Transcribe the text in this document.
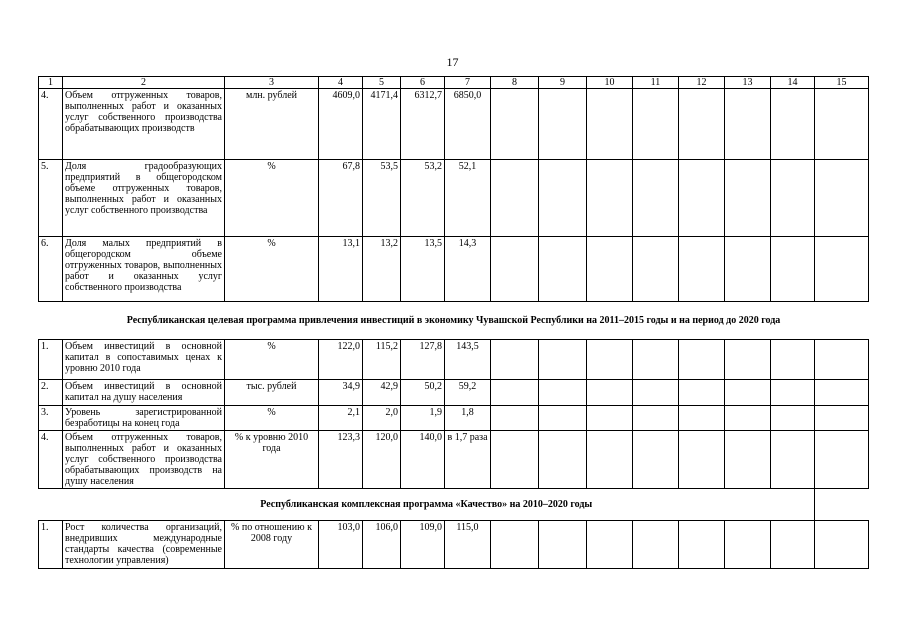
17
1	2	3	4	5	6	7	8	9	10	11	12	13	14	15
4.	Объем отгруженных товаров, выполненных работ и оказанных услуг собственного производства обрабатывающих производств	млн. рублей	4609,0	4171,4	6312,7	6850,0								
5.	Доля градообразующих предприятий в общегородском объеме отгруженных товаров, выполненных работ и оказанных услуг собственного производства	%	67,8	53,5	53,2	52,1								
6.	Доля малых предприятий в общегородском объеме отгруженных товаров, выполненных работ и оказанных услуг собственного производства	%	13,1	13,2	13,5	14,3								
Республиканская целевая программа привлечения инвестиций в экономику Чувашской Республики на 2011–2015 годы и на период до 2020 года														
1.	Объем инвестиций в основной капитал в сопоставимых ценах к уровню 2010 года	%	122,0	115,2	127,8	143,5								
2.	Объем инвестиций в основной капитал на душу населения	тыс. рублей	34,9	42,9	50,2	59,2								
3.	Уровень зарегистрированной безработицы на конец года	%	2,1	2,0	1,9	1,8								
4.	Объем отгруженных товаров, выполненных работ и оказанных услуг собственного производства обрабатывающих производств на душу населения	% к уровню 2010 года	123,3	120,0	140,0	в 1,7 раза								
Республиканская комплексная программа «Качество» на 2010–2020 годы														
1.	Рост количества организаций, внедривших международные стандарты качества (современные технологии управления)	% по отношению к 2008 году	103,0	106,0	109,0	115,0								
